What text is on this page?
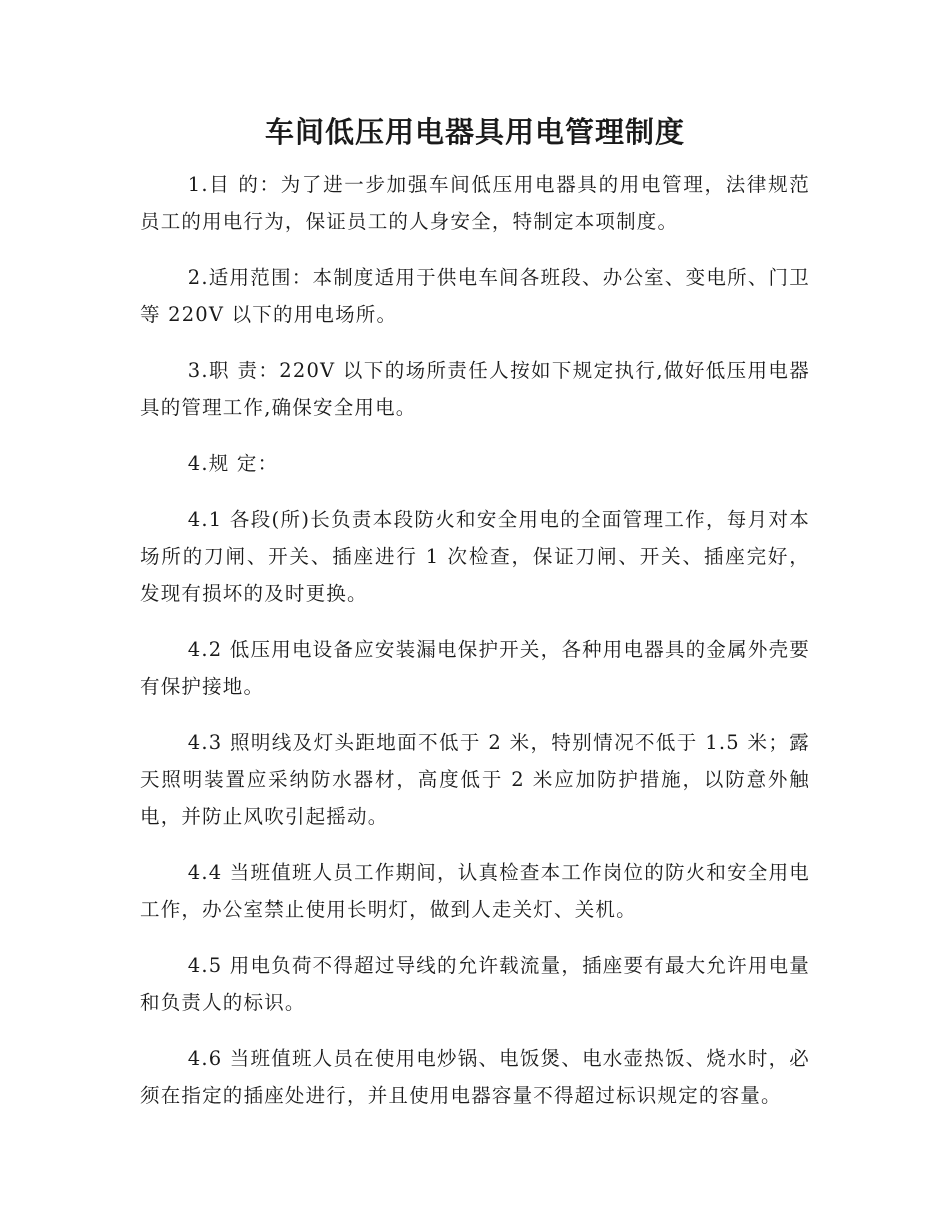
车间低压用电器具用电管理制度

1.目 的：为了进一步加强车间低压用电器具的用电管理，法律规范员工的用电行为，保证员工的人身安全，特制定本项制度。

2.适用范围：本制度适用于供电车间各班段、办公室、变电所、门卫等 220V 以下的用电场所。

3.职 责：220V 以下的场所责任人按如下规定执行,做好低压用电器具的管理工作,确保安全用电。

4.规 定：

4.1 各段(所)长负责本段防火和安全用电的全面管理工作，每月对本场所的刀闸、开关、插座进行 1 次检查，保证刀闸、开关、插座完好，发现有损坏的及时更换。

4.2 低压用电设备应安装漏电保护开关，各种用电器具的金属外壳要有保护接地。

4.3 照明线及灯头距地面不低于 2 米，特别情况不低于 1.5 米；露天照明装置应采纳防水器材，高度低于 2 米应加防护措施，以防意外触电，并防止风吹引起摇动。

4.4 当班值班人员工作期间，认真检查本工作岗位的防火和安全用电工作，办公室禁止使用长明灯，做到人走关灯、关机。

4.5 用电负荷不得超过导线的允许载流量，插座要有最大允许用电量和负责人的标识。

4.6 当班值班人员在使用电炒锅、电饭煲、电水壶热饭、烧水时，必须在指定的插座处进行，并且使用电器容量不得超过标识规定的容量。
